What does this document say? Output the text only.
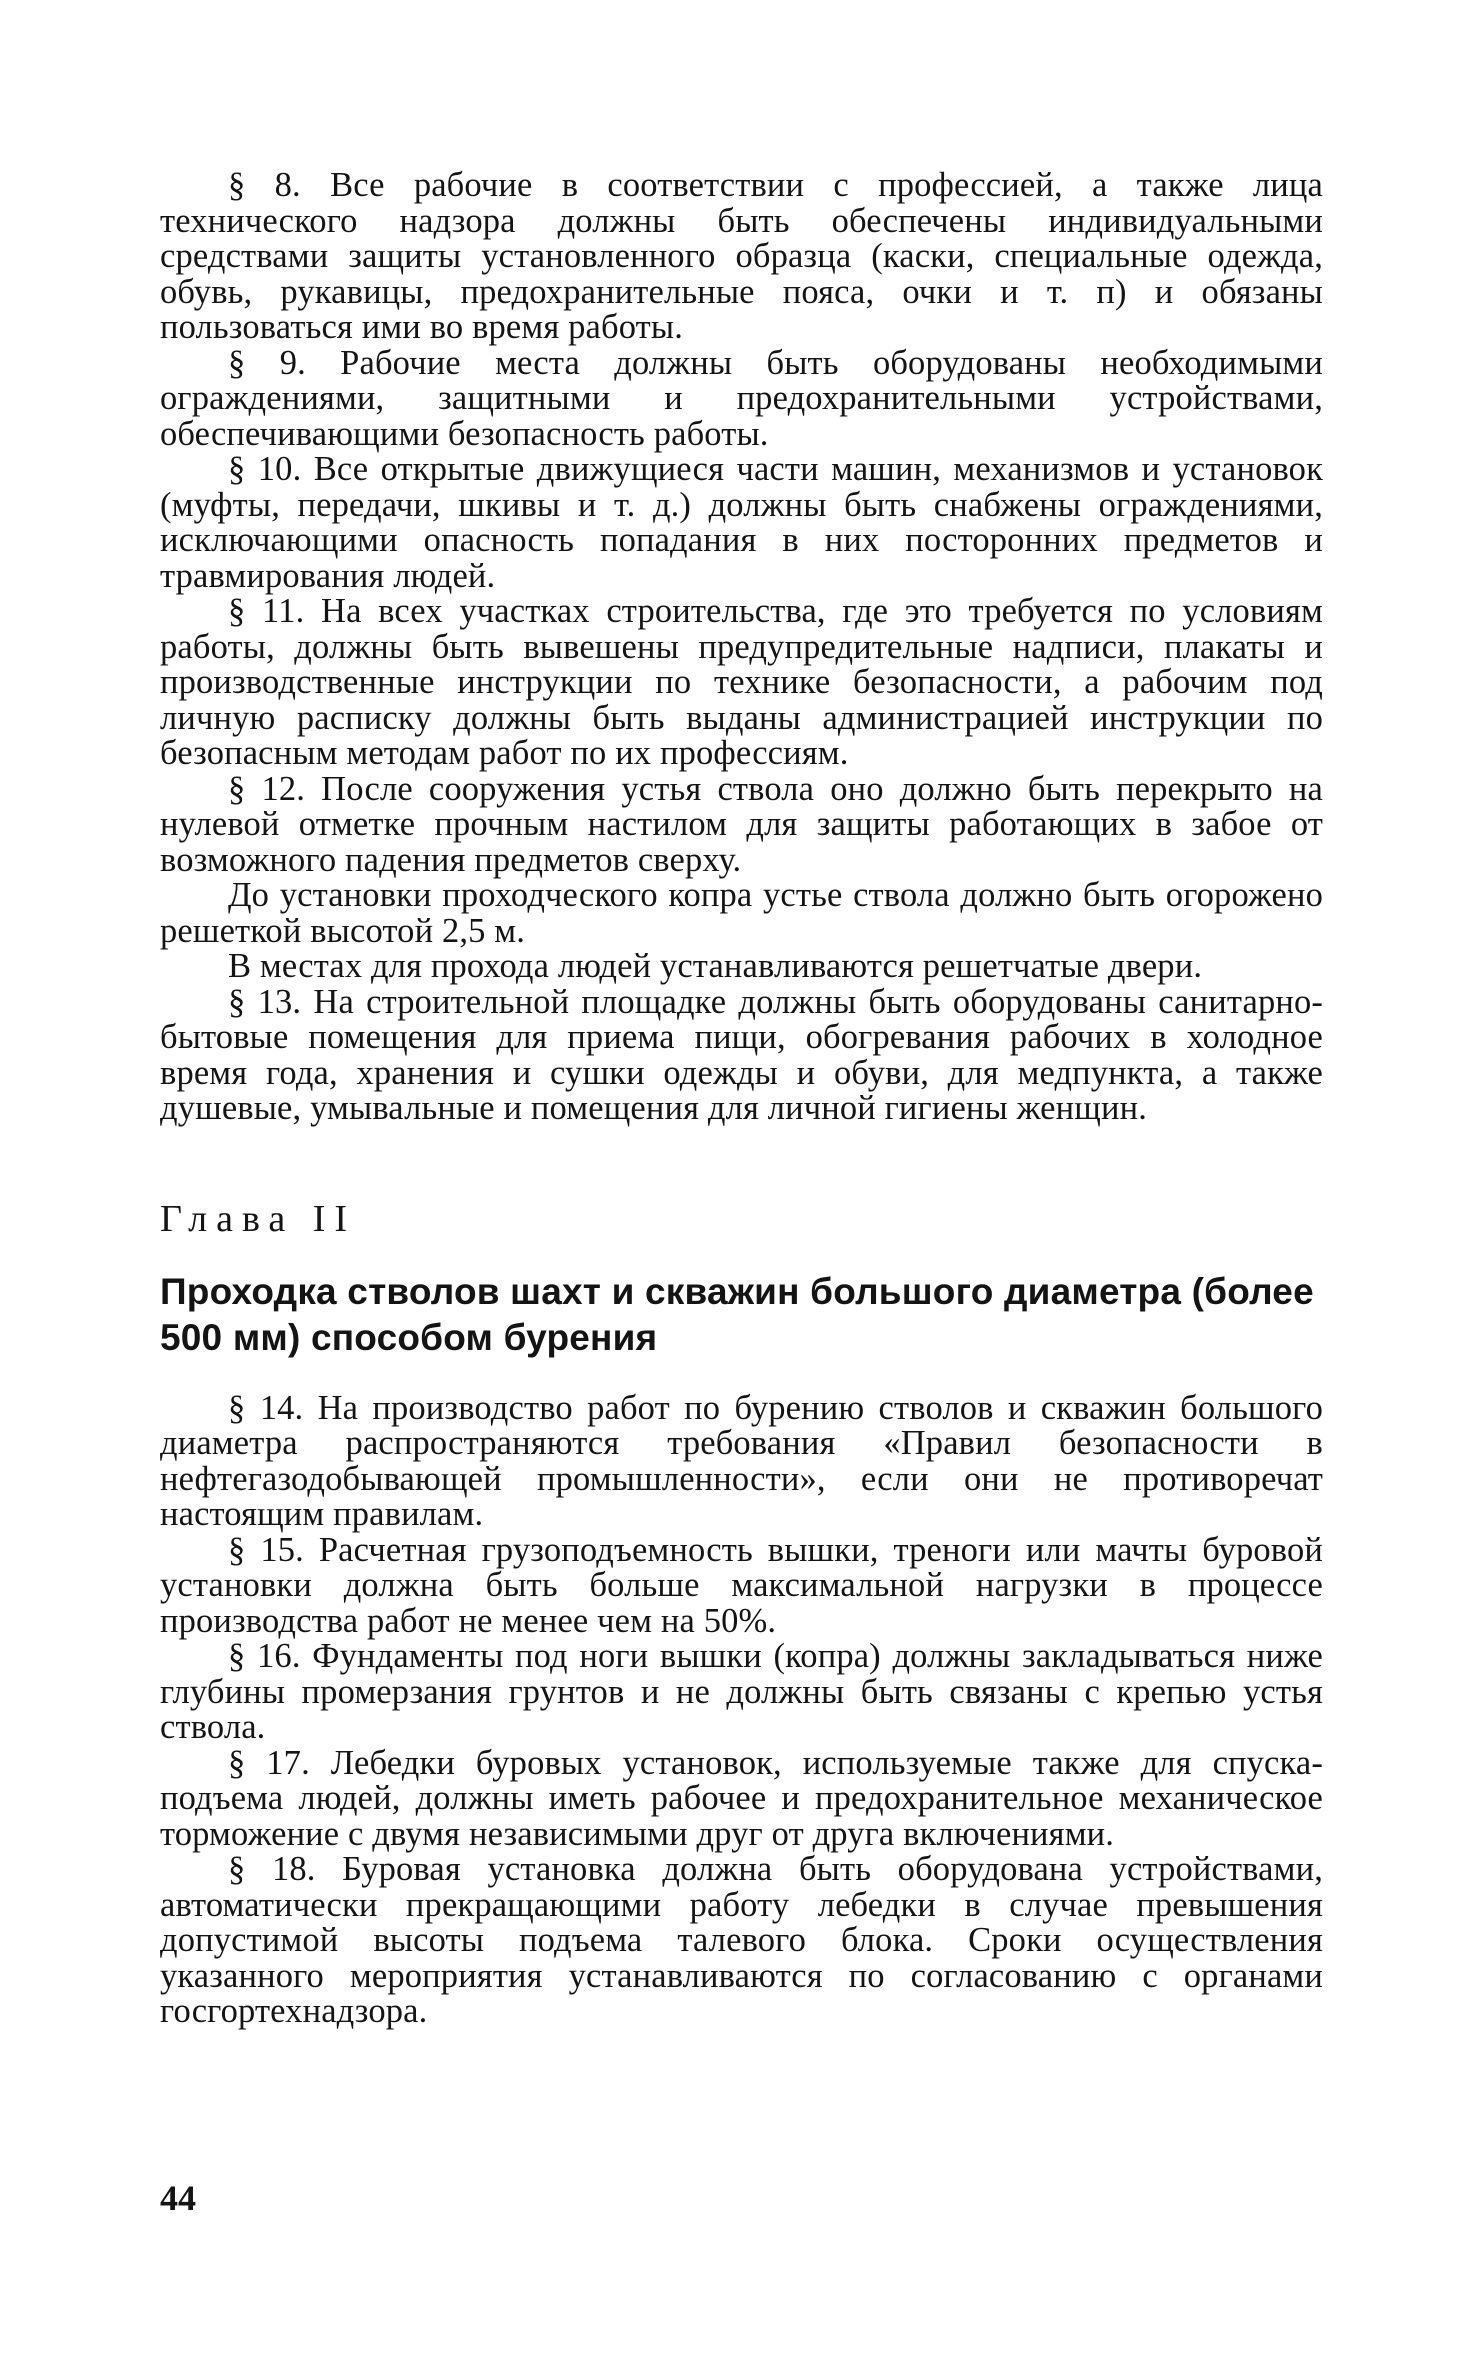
§ 8. Все рабочие в соответствии с профессией, а также лица технического надзора должны быть обеспечены индивидуальными средствами защиты установленного образца (каски, специальные одежда, обувь, рукавицы, предохранительные пояса, очки и т. п) и обязаны пользоваться ими во время работы.

§ 9. Рабочие места должны быть оборудованы необходимыми ограждениями, защитными и предохранительными устройствами, обеспечивающими безопасность работы.

§ 10. Все открытые движущиеся части машин, механизмов и установок (муфты, передачи, шкивы и т. д.) должны быть снабжены ограждениями, исключающими опасность попадания в них посторонних предметов и травмирования людей.

§ 11. На всех участках строительства, где это требуется по условиям работы, должны быть вывешены предупредительные надписи, плакаты и производственные инструкции по технике безопасности, а рабочим под личную расписку должны быть выданы администрацией инструкции по безопасным методам работ по их профессиям.

§ 12. После сооружения устья ствола оно должно быть перекрыто на нулевой отметке прочным настилом для защиты работающих в забое от возможного падения предметов сверху.

До установки проходческого копра устье ствола должно быть огорожено решеткой высотой 2,5 м.

В местах для прохода людей устанавливаются решетчатые двери.

§ 13. На строительной площадке должны быть оборудованы санитарно-бытовые помещения для приема пищи, обогревания рабочих в холодное время года, хранения и сушки одежды и обуви, для медпункта, а также душевые, умывальные и помещения для личной гигиены женщин.

Глава II
Проходка стволов шахт и скважин большого диаметра (более 500 мм) способом бурения

§ 14. На производство работ по бурению стволов и скважин большого диаметра распространяются требования «Правил безопасности в нефтегазодобывающей промышленности», если они не противоречат настоящим правилам.

§ 15. Расчетная грузоподъемность вышки, треноги или мачты буровой установки должна быть больше максимальной нагрузки в процессе производства работ не менее чем на 50%.

§ 16. Фундаменты под ноги вышки (копра) должны закладываться ниже глубины промерзания грунтов и не должны быть связаны с крепью устья ствола.

§ 17. Лебедки буровых установок, используемые также для спуска-подъема людей, должны иметь рабочее и предохранительное механическое торможение с двумя независимыми друг от друга включениями.

§ 18. Буровая установка должна быть оборудована устройствами, автоматически прекращающими работу лебедки в случае превышения допустимой высоты подъема талевого блока. Сроки осуществления указанного мероприятия устанавливаются по согласованию с органами госгортехнадзора.

44
